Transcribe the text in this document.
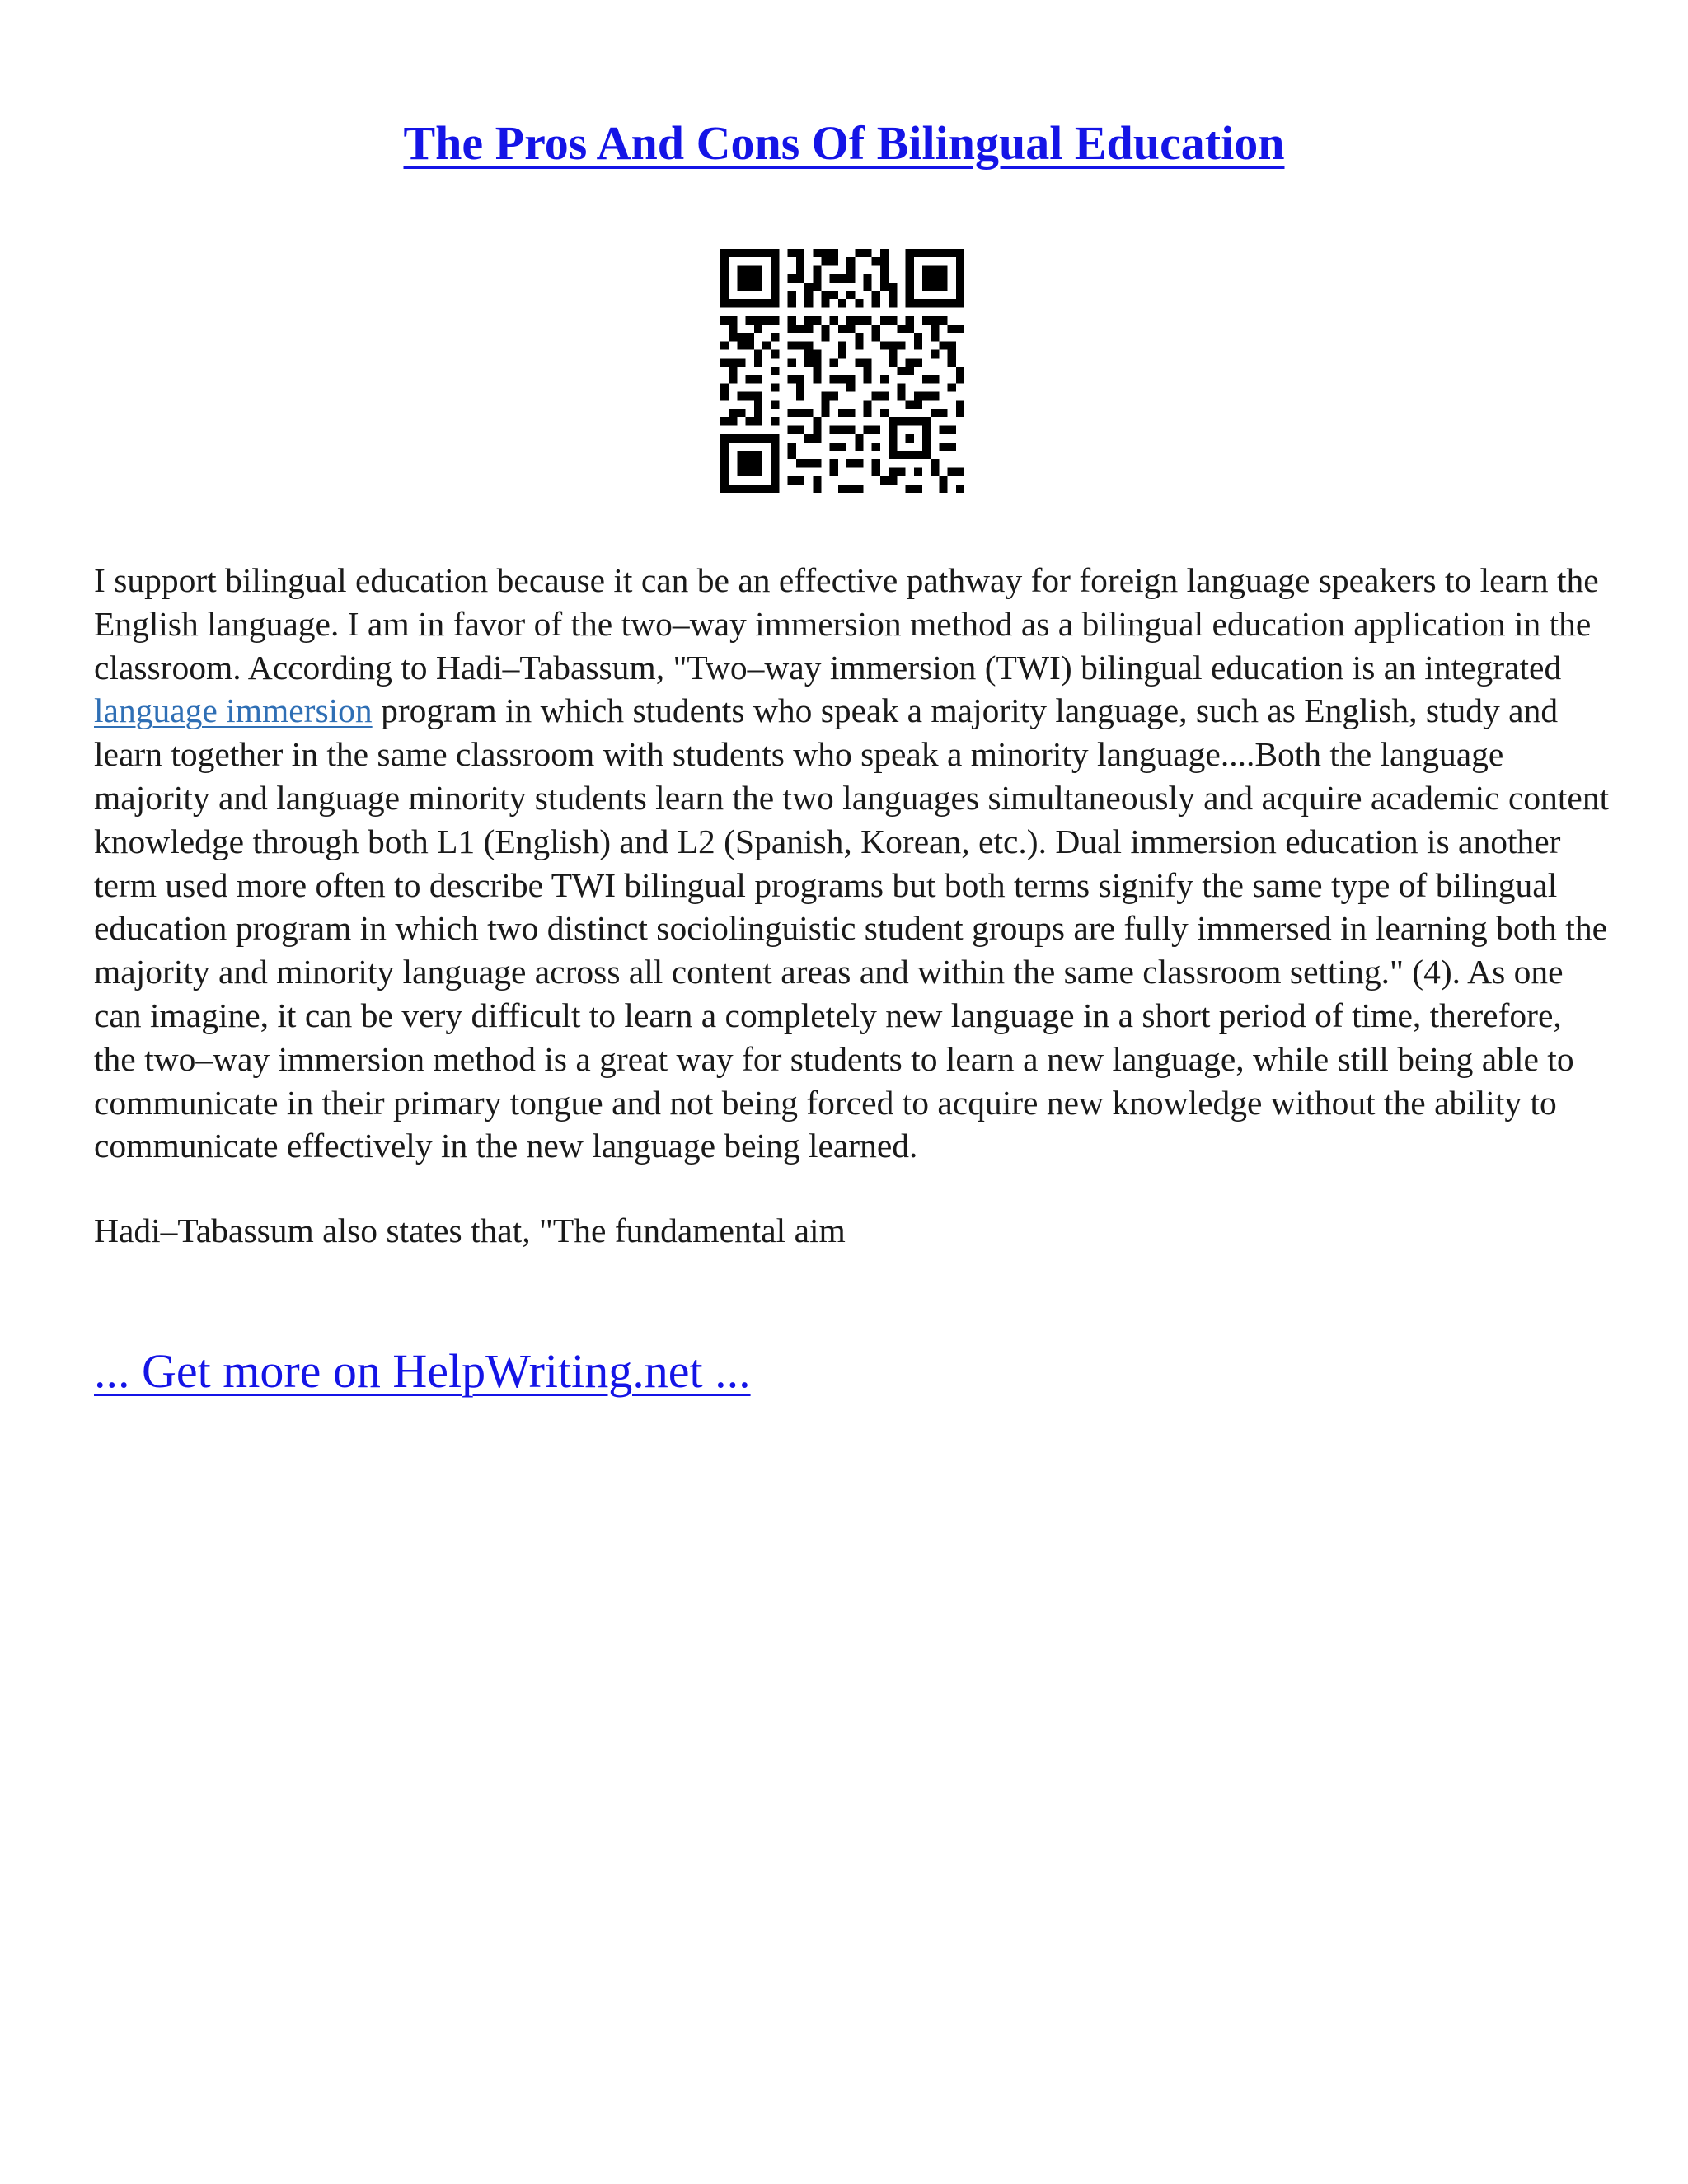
The Pros And Cons Of Bilingual Education

I support bilingual education because it can be an effective pathway for foreign language speakers to learn the English language. I am in favor of the two–way immersion method as a bilingual education application in the classroom. According to Hadi–Tabassum, "Two–way immersion (TWI) bilingual education is an integrated language immersion program in which students who speak a majority language, such as English, study and learn together in the same classroom with students who speak a minority language....Both the language majority and language minority students learn the two languages simultaneously and acquire academic content knowledge through both L1 (English) and L2 (Spanish, Korean, etc.). Dual immersion education is another term used more often to describe TWI bilingual programs but both terms signify the same type of bilingual education program in which two distinct sociolinguistic student groups are fully immersed in learning both the majority and minority language across all content areas and within the same classroom setting." (4). As one can imagine, it can be very difficult to learn a completely new language in a short period of time, therefore, the two–way immersion method is a great way for students to learn a new language, while still being able to communicate in their primary tongue and not being forced to acquire new knowledge without the ability to communicate effectively in the new language being learned.

Hadi–Tabassum also states that, "The fundamental aim

... Get more on HelpWriting.net ...
